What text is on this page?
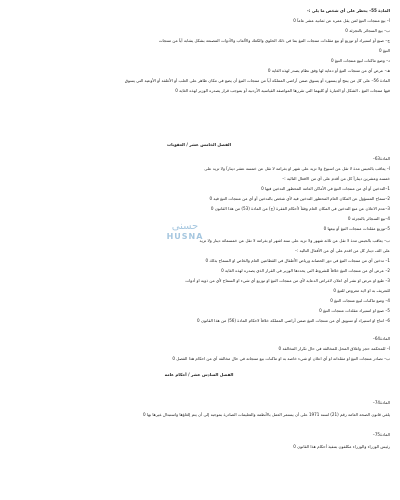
المادة 55– يحظر على أي شخص ما يلي :-
أ– بيع منتجات التبغ لمن يقل عمره عن ثمانية عشر عاماً 0
ب– بيع السجائر بالتجزئة 0
ج– صنع أو استيراد أو توزيع أو بيع مقلدات منتجات التبغ بما في ذلك الحلوى والكعك والألعاب والأدوات المصنعة بشكل يشابه أياً من منتجات
التبغ 0
د– وضع ماكنات لبيع منتجات التبغ 0
هـ– عرض أي من منتجات التبغ أو دعاية لها وفق نظام يصدر لهذه الغاية 0
المادة 56– على كل من ينتج أو يستورد أو يسوق ضمن أراضي المملكة أياً من منتجات التبغ أن يضع في مكان ظاهر على العلب أو الأغلفة أو الأوعية التي يسوق
فيها منتجات التبغ ، الشكل أو العبارة أو كليهما التي تقررها المواصفة القياسية الأردنية أو بموجب قرار يصدره الوزير لهذه الغاية 0
الفصل الخامس عشر / العقوبات
المادة63–
أ– يعاقب بالحبس مدة لا تقل عن اسبوع ولا تزيد على شهر او بغرامة لا تقل عن خمسة عشر ديناراً ولا تزيد على
خمسة وعشرين ديناراً كل من أقدم على أي من الافعال التالية :–
1–التدخين أو أي من منتجات التبغ في الأماكن العامة المحظور التدخين فيها 0
2–سماح المسؤول عن المكان العام المحظور التدخين فيه لأي شخص بالتدخين أو أي من منتجات التبغ فيه 0
3–عدم الاعلان عن منع التدخين في المكان العام وفقاً لأحكام الفقرة (ج) من المادة (53) من هذا القانون 0
4–بيع السجائر بالتجزئة 0
5–توزيع مقلدات منتجات التبغ أو بيعها 0
ب– يعاقب بالحبس مدة لا تقل عن ثلاثة شهور ولا تزيد على ستة اشهر او بغرامة لا تقل عن خمسمائة دينار ولا تزيد
على الف دينار كل من اقدم على أي من الأفعال التالية :–
1– تدخين أي من منتجات التبغ في دور الحضانة ورياض الأطفال في القطاعين العام والخاص او السماح بذلك 0
2– عرض أي من منتجات التبغ خلافاً للشروط التي يحددها الوزير في القرار الذي يصدره لهذه الغاية 0
3– طبع او عرض او نشر أي اعلان لاغراض الدعاية لأي من منتجات التبغ او توزيع أي شيء او السماح لأي من ذويه او أدوات
للتعريف به او لاية معروض للتبغ 0
4– وضع ماكنات لبيع منتجات التبغ 0
5– صنع او استيراد مقلدات منتجات التبغ 0
6– انتاج او استيراد أو تسويق أي من منتجات التبغ ضمن أراضي المملكة خلافاً لاحكام المادة (56) من هذا القانون 0
المادة64–
أ– للمحكمة حجز واغلاق المحل للمخالفة في حال تكرار المخالفة 0
ب– تصادر منتجات التبغ او مقلداته او أي اعلان او شيء خاصة به او ماكنات بيع منتجاته في حال مخالفة أي من احكام هذا الفصل 0
الفصل السادس عشر / أحكام عامة
المادة74–
يلغي قانون الصحة العامة رقم (21) لسنة 1971 على أن يستمر العمل بالأنظمة والتعليمات الصادرة بموجبه إلى أن يتم إلغاؤها واستبدال غيرها بها 0
المادة75–
رئيس الوزراء والوزراء مكلفون بتنفيذ أحكام هذا القانون 0
حسنى
HUSNA
